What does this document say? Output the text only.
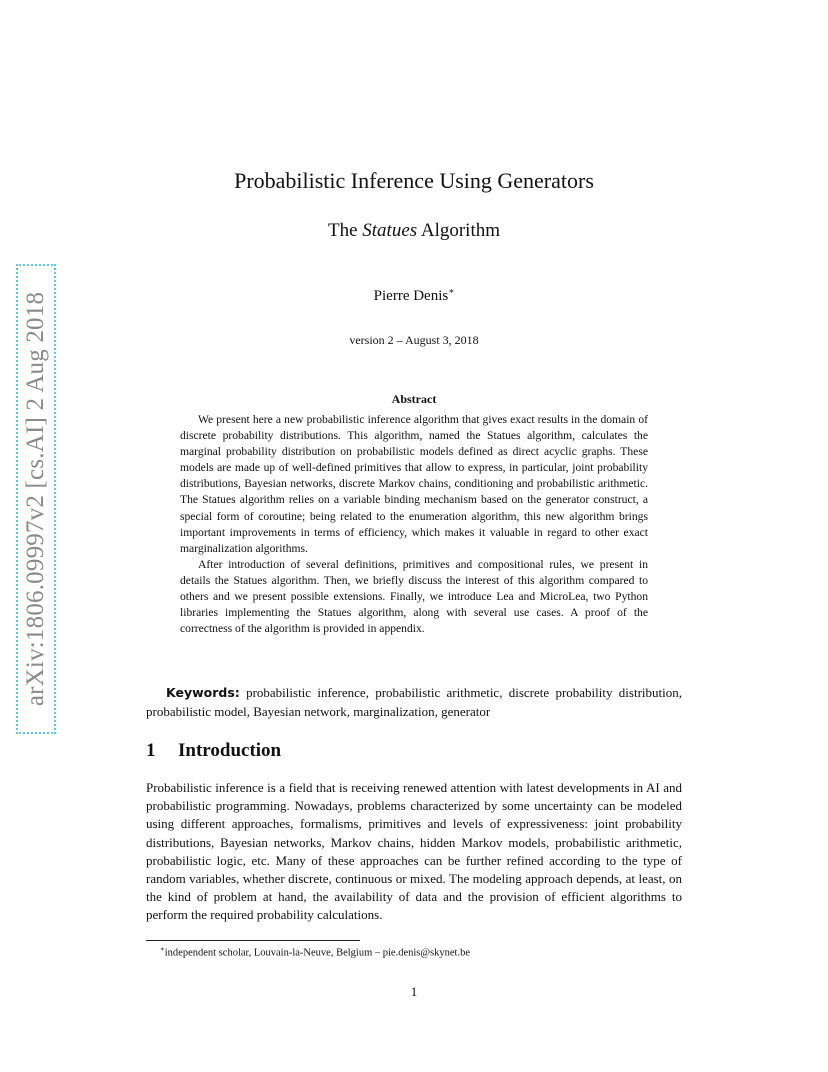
arXiv:1806.09997v2 [cs.AI] 2 Aug 2018
Probabilistic Inference Using Generators
The Statues Algorithm
Pierre Denis∗
version 2 – August 3, 2018
Abstract

We present here a new probabilistic inference algorithm that gives exact results in the domain of discrete probability distributions. This algorithm, named the Statues algorithm, calculates the marginal probability distribution on probabilistic models defined as direct acyclic graphs. These models are made up of well-defined primitives that allow to express, in particular, joint probability distributions, Bayesian networks, discrete Markov chains, conditioning and probabilistic arithmetic. The Statues algorithm relies on a variable binding mechanism based on the generator construct, a special form of coroutine; being related to the enumeration algorithm, this new algorithm brings important improvements in terms of efficiency, which makes it valuable in regard to other exact marginalization algorithms.

After introduction of several definitions, primitives and compositional rules, we present in details the Statues algorithm. Then, we briefly discuss the interest of this algorithm compared to others and we present possible extensions. Finally, we introduce Lea and MicroLea, two Python libraries implementing the Statues algorithm, along with several use cases. A proof of the correctness of the algorithm is provided in appendix.

Keywords: probabilistic inference, probabilistic arithmetic, discrete probability distribution, probabilistic model, Bayesian network, marginalization, generator

1 Introduction

Probabilistic inference is a field that is receiving renewed attention with latest developments in AI and probabilistic programming. Nowadays, problems characterized by some uncertainty can be modeled using different approaches, formalisms, primitives and levels of expressiveness: joint probability distributions, Bayesian networks, Markov chains, hidden Markov models, probabilistic arithmetic, probabilistic logic, etc. Many of these approaches can be further refined according to the type of random variables, whether discrete, continuous or mixed. The modeling approach depends, at least, on the kind of problem at hand, the availability of data and the provision of efficient algorithms to perform the required probability calculations.

∗independent scholar, Louvain-la-Neuve, Belgium – pie.denis@skynet.be
1
